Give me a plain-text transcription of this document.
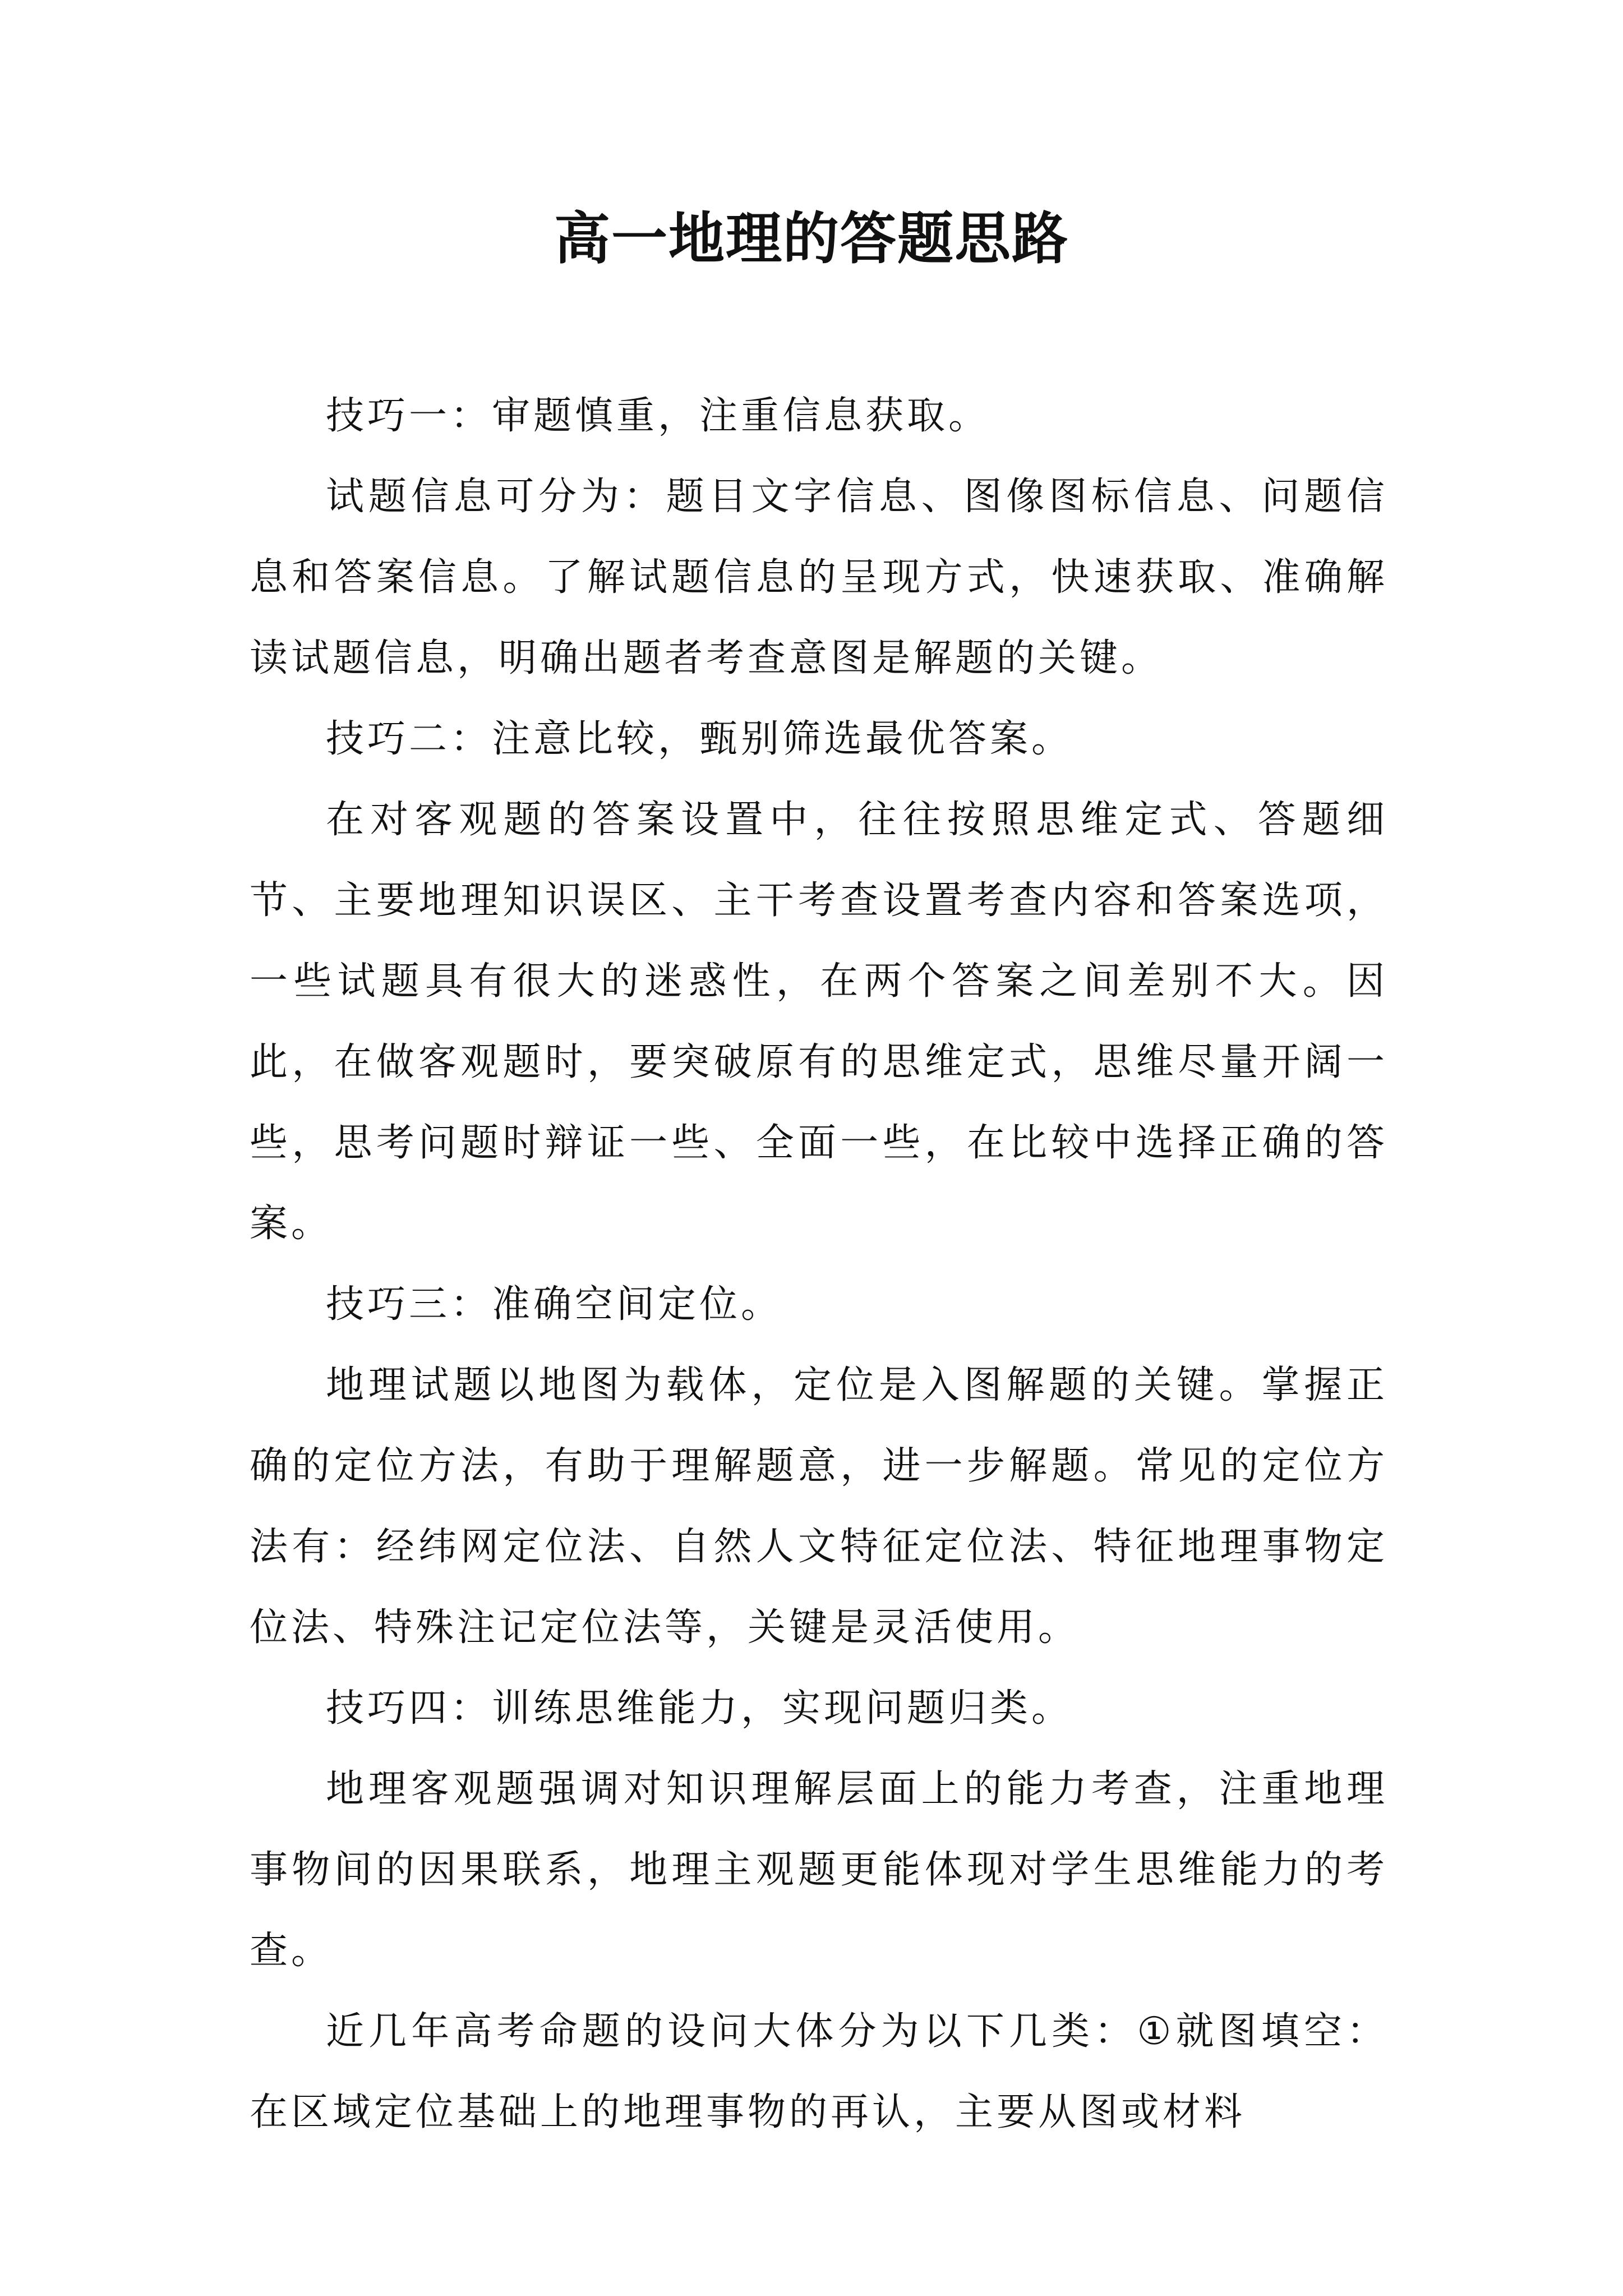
高一地理的答题思路

技巧一：审题慎重，注重信息获取。

试题信息可分为：题目文字信息、图像图标信息、问题信息和答案信息。了解试题信息的呈现方式，快速获取、准确解读试题信息，明确出题者考查意图是解题的关键。

技巧二：注意比较，甄别筛选最优答案。

在对客观题的答案设置中，往往按照思维定式、答题细节、主要地理知识误区、主干考查设置考查内容和答案选项，一些试题具有很大的迷惑性，在两个答案之间差别不大。因此，在做客观题时，要突破原有的思维定式，思维尽量开阔一些，思考问题时辩证一些、全面一些，在比较中选择正确的答案。

技巧三：准确空间定位。

地理试题以地图为载体，定位是入图解题的关键。掌握正确的定位方法，有助于理解题意，进一步解题。常见的定位方法有：经纬网定位法、自然人文特征定位法、特征地理事物定位法、特殊注记定位法等，关键是灵活使用。

技巧四：训练思维能力，实现问题归类。

地理客观题强调对知识理解层面上的能力考查，注重地理事物间的因果联系，地理主观题更能体现对学生思维能力的考查。

近几年高考命题的设问大体分为以下几类：①就图填空：在区域定位基础上的地理事物的再认，主要从图或材料
